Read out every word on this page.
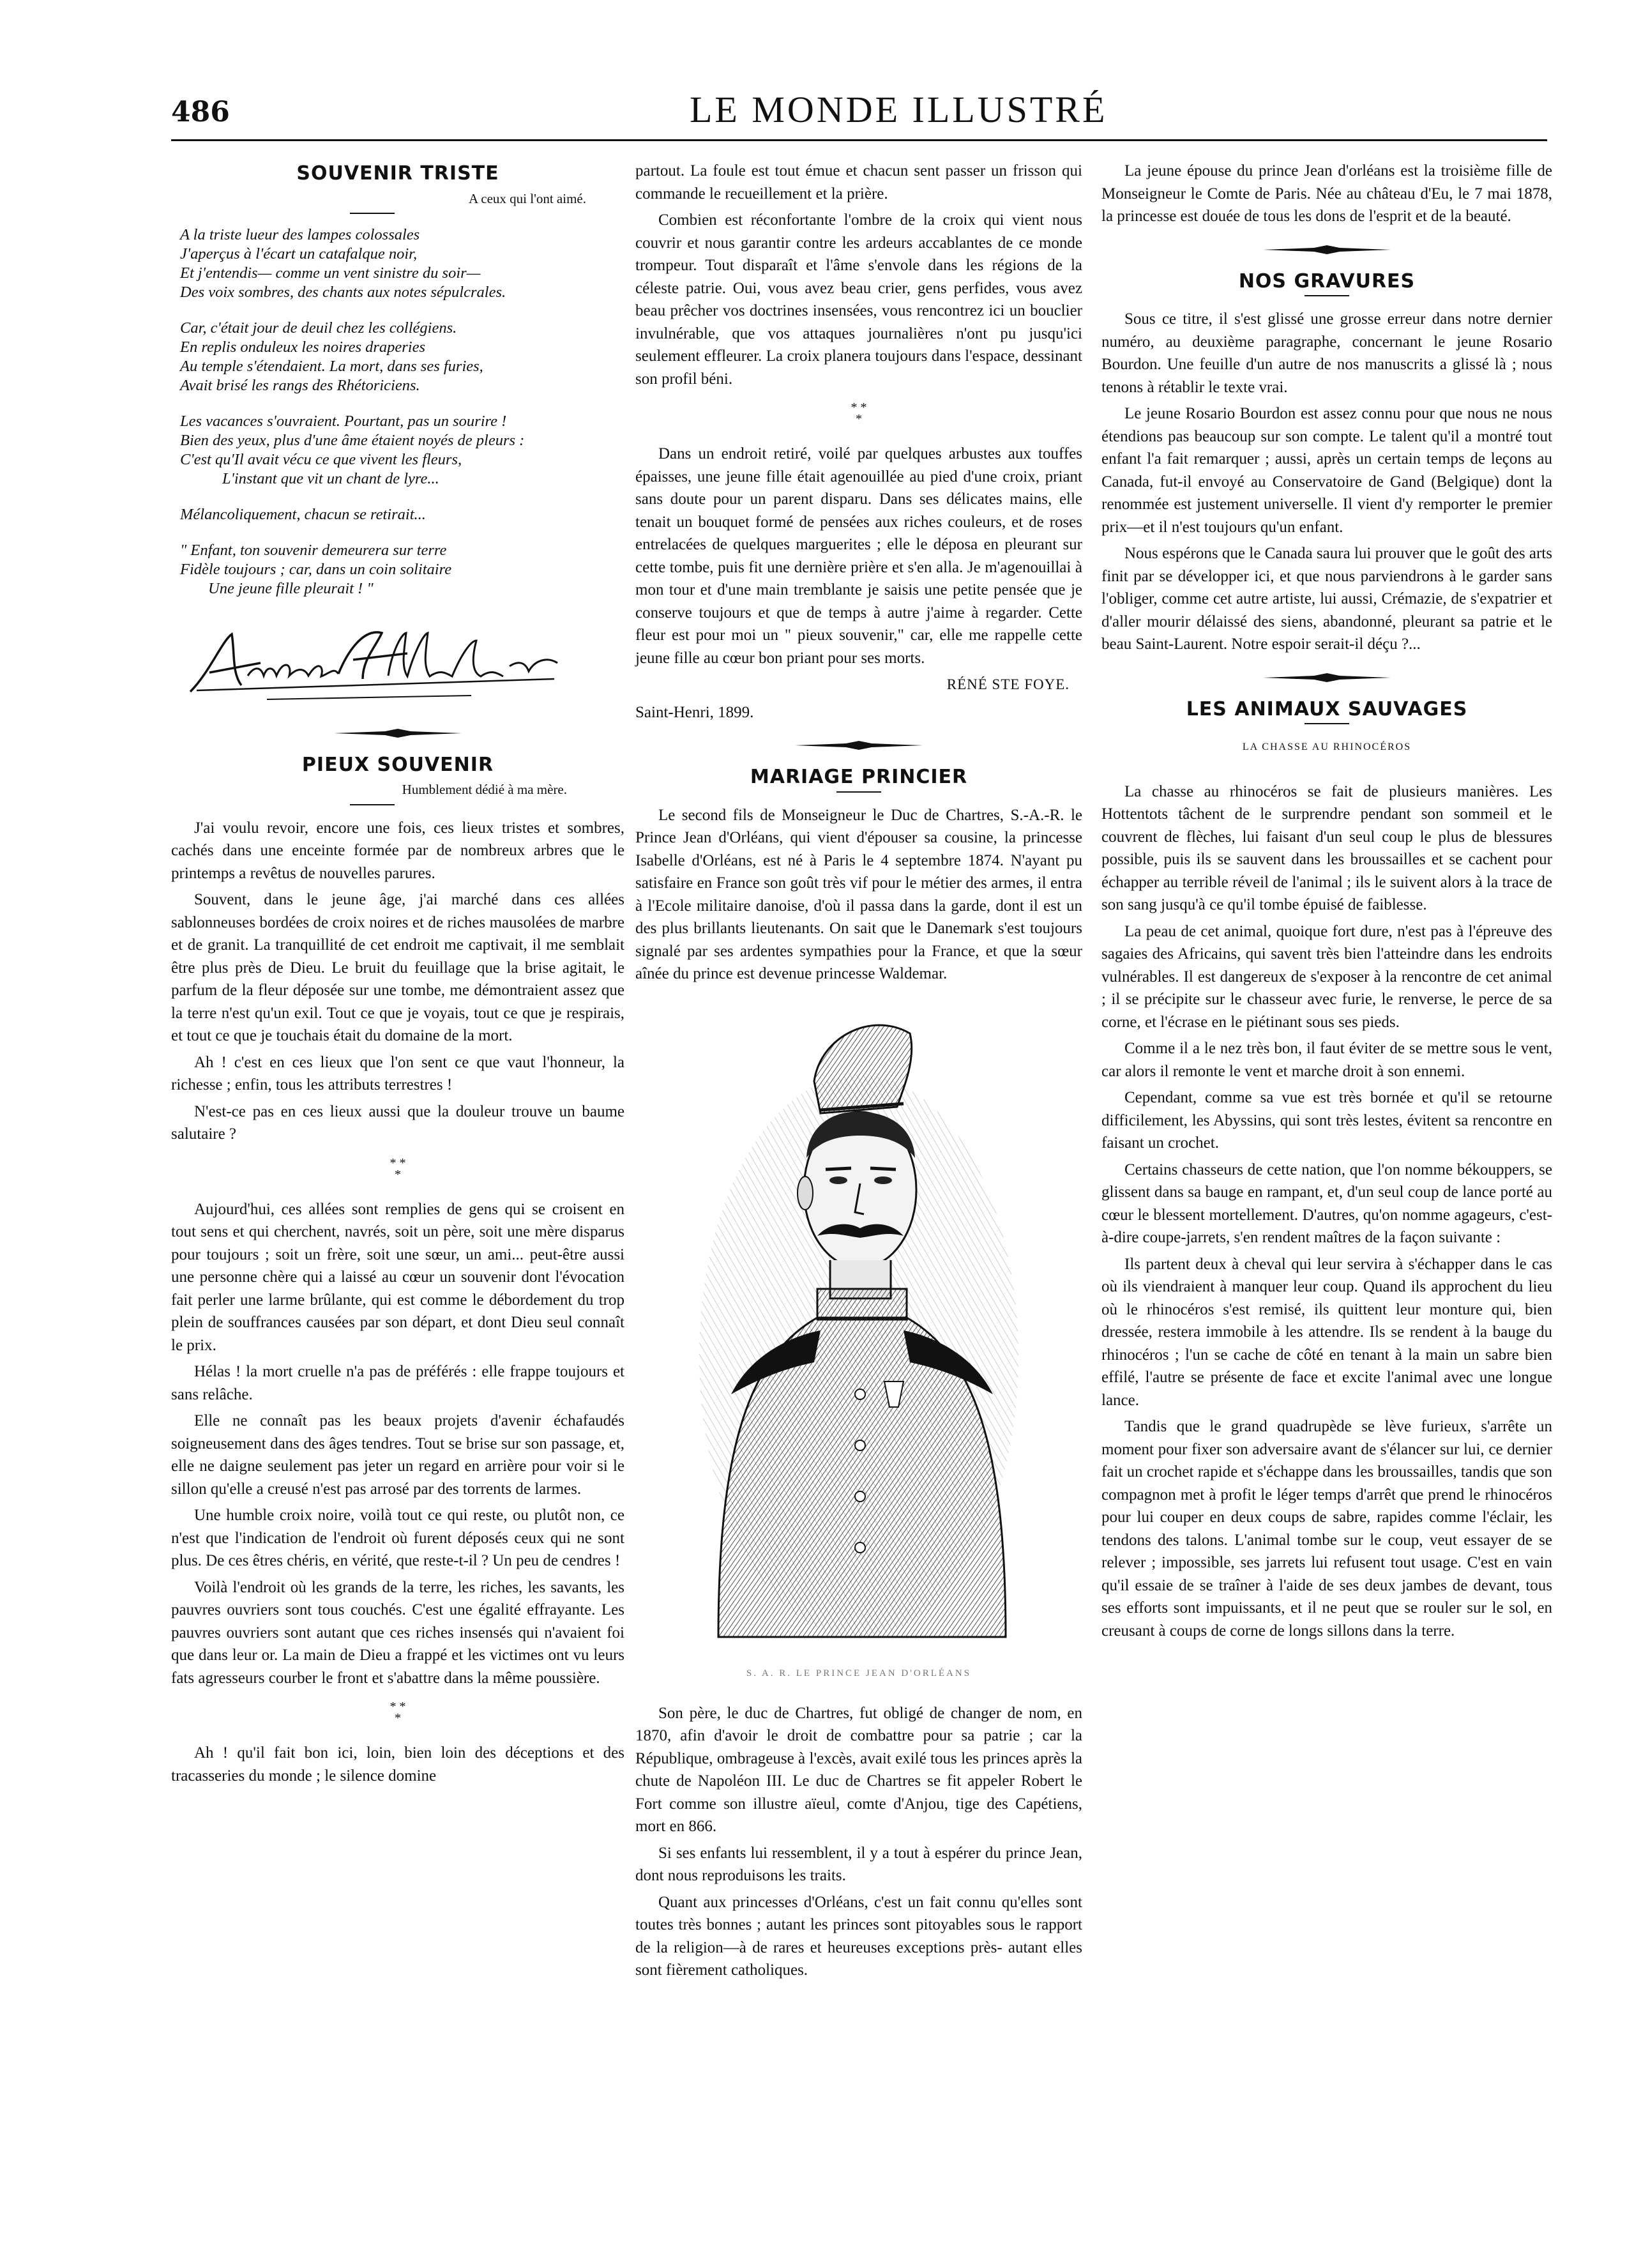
486	LE MONDE ILLUSTRÉ
SOUVENIR TRISTE
A ceux qui l'ont aimé.
A la triste lueur des lampes colossales
J'aperçus à l'écart un catafalque noir,
Et j'entendis— comme un vent sinistre du soir—
Des voix sombres, des chants aux notes sépulcrales.
Car, c'était jour de deuil chez les collégiens.
En replis onduleux les noires draperies
Au temple s'étendaient. La mort, dans ses furies,
Avait brisé les rangs des Rhétoriciens.
Les vacances s'ouvraient. Pourtant, pas un sourire !
Bien des yeux, plus d'une âme étaient noyés de pleurs :
C'est qu'Il avait vécu ce que vivent les fleurs,
L'instant que vit un chant de lyre...
Mélancoliquement, chacun se retirait...
" Enfant, ton souvenir demeurera sur terre
Fidèle toujours ; car, dans un coin solitaire
Une jeune fille pleurait ! "
PIEUX SOUVENIR
Humblement dédié à ma mère.

J'ai voulu revoir, encore une fois, ces lieux tristes et sombres, cachés dans une enceinte formée par de nombreux arbres que le printemps a revêtus de nouvelles parures.

Souvent, dans le jeune âge, j'ai marché dans ces allées sablonneuses bordées de croix noires et de riches mausolées de marbre et de granit. La tranquillité de cet endroit me captivait, il me semblait être plus près de Dieu. Le bruit du feuillage que la brise agitait, le parfum de la fleur déposée sur une tombe, me démontraient assez que la terre n'est qu'un exil. Tout ce que je voyais, tout ce que je respirais, et tout ce que je touchais était du domaine de la mort.

Ah ! c'est en ces lieux que l'on sent ce que vaut l'honneur, la richesse ; enfin, tous les attributs terrestres !

N'est-ce pas en ces lieux aussi que la douleur trouve un baume salutaire ?

* *
*

Aujourd'hui, ces allées sont remplies de gens qui se croisent en tout sens et qui cherchent, navrés, soit un père, soit une mère disparus pour toujours ; soit un frère, soit une sœur, un ami... peut-être aussi une personne chère qui a laissé au cœur un souvenir dont l'évocation fait perler une larme brûlante, qui est comme le débordement du trop plein de souffrances causées par son départ, et dont Dieu seul connaît le prix.

Hélas ! la mort cruelle n'a pas de préférés : elle frappe toujours et sans relâche.

Elle ne connaît pas les beaux projets d'avenir échafaudés soigneusement dans des âges tendres. Tout se brise sur son passage, et, elle ne daigne seulement pas jeter un regard en arrière pour voir si le sillon qu'elle a creusé n'est pas arrosé par des torrents de larmes.

Une humble croix noire, voilà tout ce qui reste, ou plutôt non, ce n'est que l'indication de l'endroit où furent déposés ceux qui ne sont plus. De ces êtres chéris, en vérité, que reste-t-il ? Un peu de cendres !

Voilà l'endroit où les grands de la terre, les riches, les savants, les pauvres ouvriers sont tous couchés. C'est une égalité effrayante. Les pauvres ouvriers sont autant que ces riches insensés qui n'avaient foi que dans leur or. La main de Dieu a frappé et les victimes ont vu leurs fats agresseurs courber le front et s'abattre dans la même poussière.

* *
*

Ah ! qu'il fait bon ici, loin, bien loin des déceptions et des tracasseries du monde ; le silence domine

partout. La foule est tout émue et chacun sent passer un frisson qui commande le recueillement et la prière.

Combien est réconfortante l'ombre de la croix qui vient nous couvrir et nous garantir contre les ardeurs accablantes de ce monde trompeur. Tout disparaît et l'âme s'envole dans les régions de la céleste patrie. Oui, vous avez beau crier, gens perfides, vous avez beau prêcher vos doctrines insensées, vous rencontrez ici un bouclier invulnérable, que vos attaques journalières n'ont pu jusqu'ici seulement effleurer. La croix planera toujours dans l'espace, dessinant son profil béni.

* *
*

Dans un endroit retiré, voilé par quelques arbustes aux touffes épaisses, une jeune fille était agenouillée au pied d'une croix, priant sans doute pour un parent disparu. Dans ses délicates mains, elle tenait un bouquet formé de pensées aux riches couleurs, et de roses entrelacées de quelques marguerites ; elle le déposa en pleurant sur cette tombe, puis fit une dernière prière et s'en alla. Je m'agenouillai à mon tour et d'une main tremblante je saisis une petite pensée que je conserve toujours et que de temps à autre j'aime à regarder. Cette fleur est pour moi un " pieux souvenir," car, elle me rappelle cette jeune fille au cœur bon priant pour ses morts.

RÉNÉ STE FOYE.
Saint-Henri, 1899.
MARIAGE PRINCIER

Le second fils de Monseigneur le Duc de Chartres, S.-A.-R. le Prince Jean d'Orléans, qui vient d'épouser sa cousine, la princesse Isabelle d'Orléans, est né à Paris le 4 septembre 1874. N'ayant pu satisfaire en France son goût très vif pour le métier des armes, il entra à l'Ecole militaire danoise, d'où il passa dans la garde, dont il est un des plus brillants lieutenants. On sait que le Danemark s'est toujours signalé par ses ardentes sympathies pour la France, et que la sœur aînée du prince est devenue princesse Waldemar.

S. A. R. LE PRINCE JEAN D'ORLÉANS

Son père, le duc de Chartres, fut obligé de changer de nom, en 1870, afin d'avoir le droit de combattre pour sa patrie ; car la République, ombrageuse à l'excès, avait exilé tous les princes après la chute de Napoléon III. Le duc de Chartres se fit appeler Robert le Fort comme son illustre aïeul, comte d'Anjou, tige des Capétiens, mort en 866.

Si ses enfants lui ressemblent, il y a tout à espérer du prince Jean, dont nous reproduisons les traits.

Quant aux princesses d'Orléans, c'est un fait connu qu'elles sont toutes très bonnes ; autant les princes sont pitoyables sous le rapport de la religion—à de rares et heureuses exceptions près- autant elles sont fièrement catholiques.

La jeune épouse du prince Jean d'orléans est la troisième fille de Monseigneur le Comte de Paris. Née au château d'Eu, le 7 mai 1878, la princesse est douée de tous les dons de l'esprit et de la beauté.

NOS GRAVURES

Sous ce titre, il s'est glissé une grosse erreur dans notre dernier numéro, au deuxième paragraphe, concernant le jeune Rosario Bourdon. Une feuille d'un autre de nos manuscrits a glissé là ; nous tenons à rétablir le texte vrai.

Le jeune Rosario Bourdon est assez connu pour que nous ne nous étendions pas beaucoup sur son compte. Le talent qu'il a montré tout enfant l'a fait remarquer ; aussi, après un certain temps de leçons au Canada, fut-il envoyé au Conservatoire de Gand (Belgique) dont la renommée est justement universelle. Il vient d'y remporter le premier prix—et il n'est toujours qu'un enfant.

Nous espérons que le Canada saura lui prouver que le goût des arts finit par se développer ici, et que nous parviendrons à le garder sans l'obliger, comme cet autre artiste, lui aussi, Crémazie, de s'expatrier et d'aller mourir délaissé des siens, abandonné, pleurant sa patrie et le beau Saint-Laurent. Notre espoir serait-il déçu ?...

LES ANIMAUX SAUVAGES
LA CHASSE AU RHINOCÉROS

La chasse au rhinocéros se fait de plusieurs manières. Les Hottentots tâchent de le surprendre pendant son sommeil et le couvrent de flèches, lui faisant d'un seul coup le plus de blessures possible, puis ils se sauvent dans les broussailles et se cachent pour échapper au terrible réveil de l'animal ; ils le suivent alors à la trace de son sang jusqu'à ce qu'il tombe épuisé de faiblesse.

La peau de cet animal, quoique fort dure, n'est pas à l'épreuve des sagaies des Africains, qui savent très bien l'atteindre dans les endroits vulnérables. Il est dangereux de s'exposer à la rencontre de cet animal ; il se précipite sur le chasseur avec furie, le renverse, le perce de sa corne, et l'écrase en le piétinant sous ses pieds.

Comme il a le nez très bon, il faut éviter de se mettre sous le vent, car alors il remonte le vent et marche droit à son ennemi.

Cependant, comme sa vue est très bornée et qu'il se retourne difficilement, les Abyssins, qui sont très lestes, évitent sa rencontre en faisant un crochet.

Certains chasseurs de cette nation, que l'on nomme békouppers, se glissent dans sa bauge en rampant, et, d'un seul coup de lance porté au cœur le blessent mortellement. D'autres, qu'on nomme agageurs, c'est-à-dire coupe-jarrets, s'en rendent maîtres de la façon suivante :

Ils partent deux à cheval qui leur servira à s'échapper dans le cas où ils viendraient à manquer leur coup. Quand ils approchent du lieu où le rhinocéros s'est remisé, ils quittent leur monture qui, bien dressée, restera immobile à les attendre. Ils se rendent à la bauge du rhinocéros ; l'un se cache de côté en tenant à la main un sabre bien effilé, l'autre se présente de face et excite l'animal avec une longue lance.

Tandis que le grand quadrupède se lève furieux, s'arrête un moment pour fixer son adversaire avant de s'élancer sur lui, ce dernier fait un crochet rapide et s'échappe dans les broussailles, tandis que son compagnon met à profit le léger temps d'arrêt que prend le rhinocéros pour lui couper en deux coups de sabre, rapides comme l'éclair, les tendons des talons. L'animal tombe sur le coup, veut essayer de se relever ; impossible, ses jarrets lui refusent tout usage. C'est en vain qu'il essaie de se traîner à l'aide de ses deux jambes de devant, tous ses efforts sont impuissants, et il ne peut que se rouler sur le sol, en creusant à coups de corne de longs sillons dans la terre.
